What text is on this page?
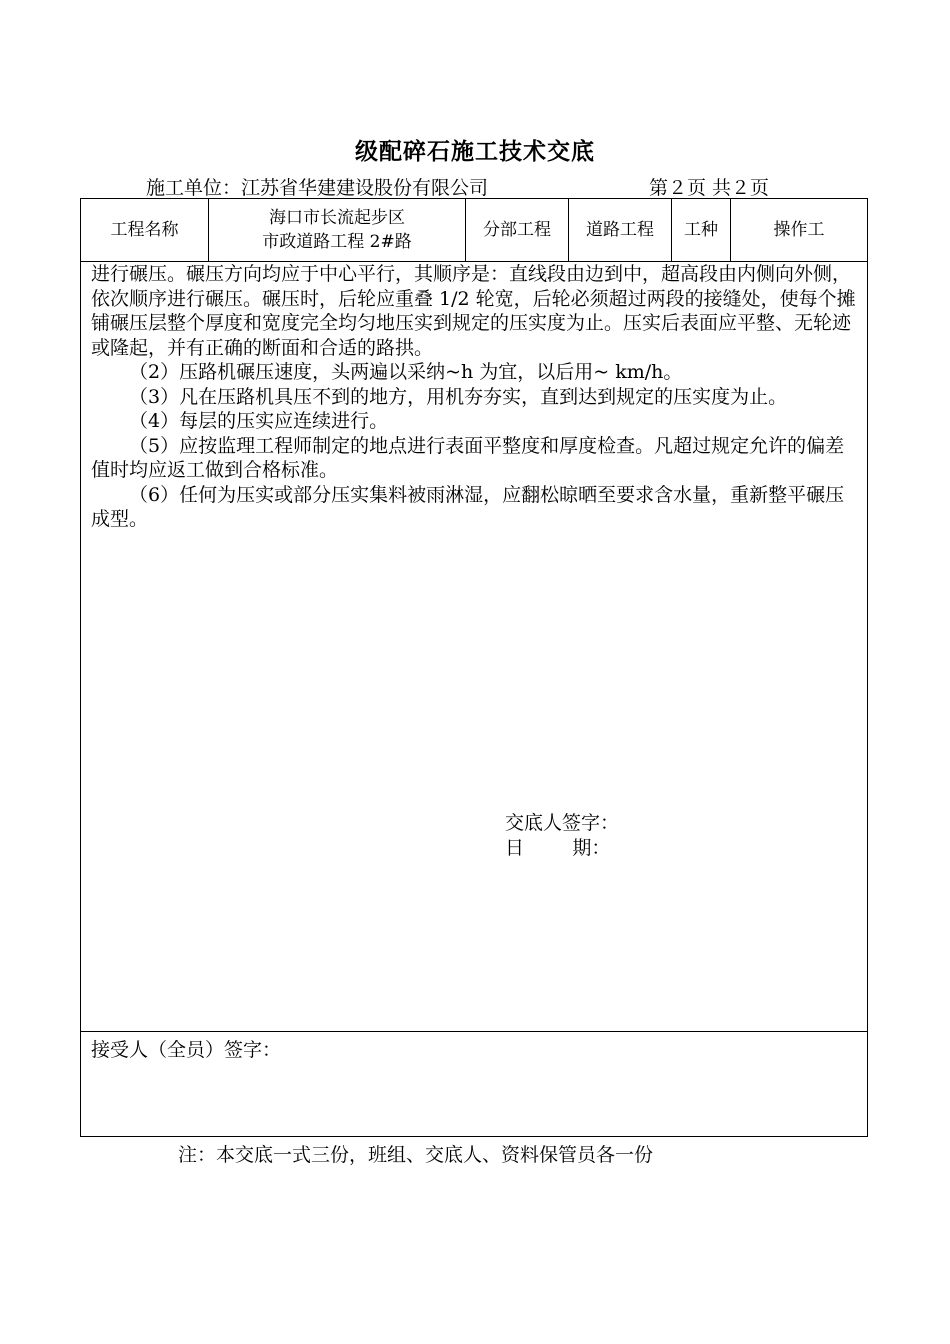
级配碎石施工技术交底
施工单位：江苏省华建建设股份有限公司	第２页 共２页
工程名称
海口市长流起步区
市政道路工程 2#路
分部工程 道路工程 工种	操作工

进行碾压。碾压方向均应于中心平行，其顺序是：直线段由边到中，超高段由内侧向外侧，依次顺序进行碾压。碾压时，后轮应重叠 1/2 轮宽，后轮必须超过两段的接缝处，使每个摊铺碾压层整个厚度和宽度完全均匀地压实到规定的压实度为止。压实后表面应平整、无轮迹或隆起，并有正确的断面和合适的路拱。

（2）压路机碾压速度，头两遍以采纳~h 为宜，以后用~ km/h。

（3）凡在压路机具压不到的地方，用机夯夯实，直到达到规定的压实度为止。

（4）每层的压实应连续进行。

（5）应按监理工程师制定的地点进行表面平整度和厚度检查。凡超过规定允许的偏差值时均应返工做到合格标准。

（6）任何为压实或部分压实集料被雨淋湿，应翻松晾晒至要求含水量，重新整平碾压成型。

交底人签字：
日        期：
接受人（全员）签字：
注：本交底一式三份，班组、交底人、资料保管员各一份
